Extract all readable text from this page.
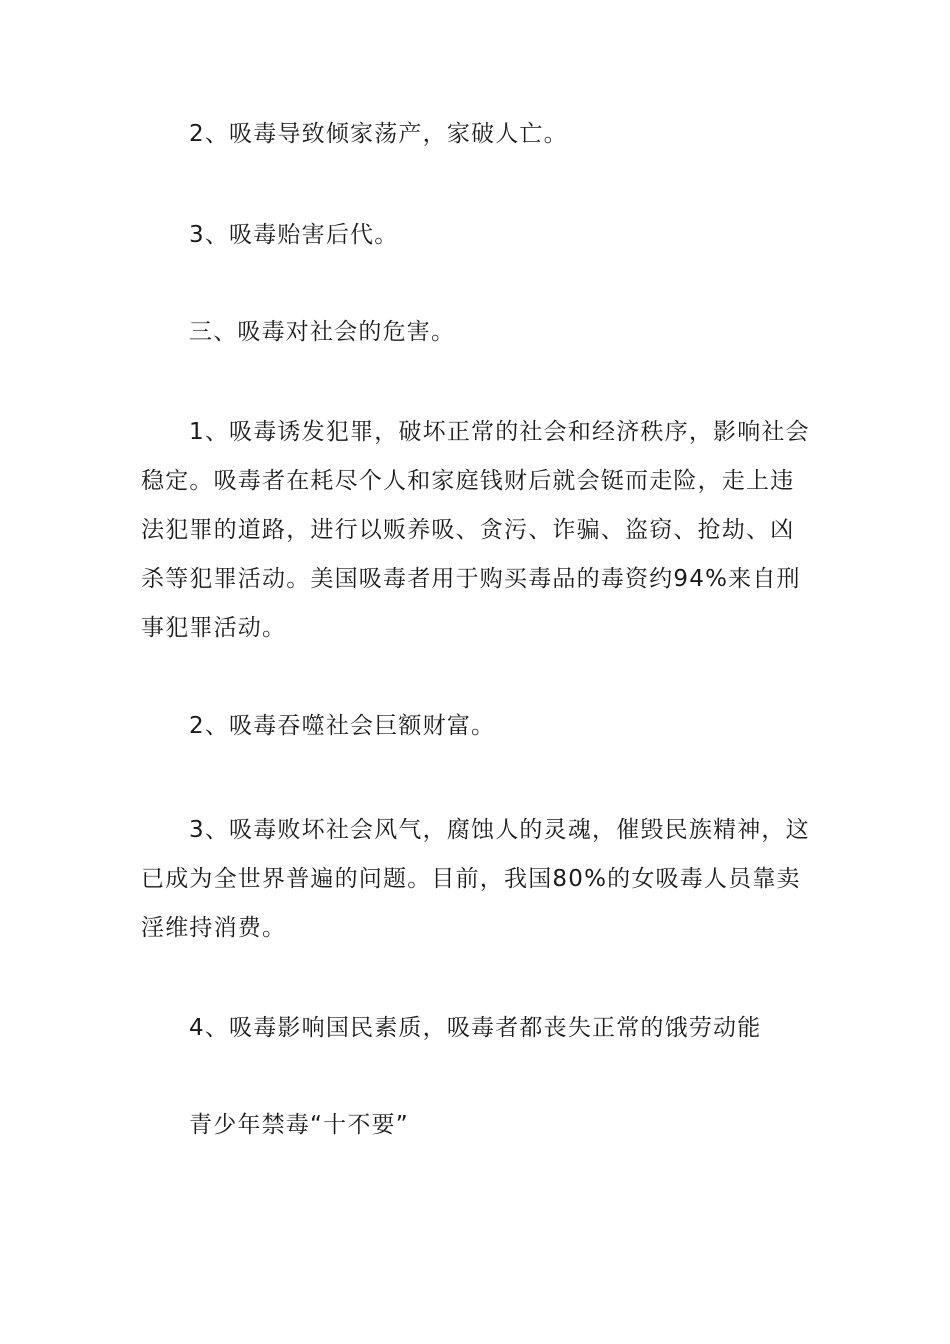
2、吸毒导致倾家荡产，家破人亡。

3、吸毒贻害后代。

三、吸毒对社会的危害。

1、吸毒诱发犯罪，破坏正常的社会和经济秩序，影响社会稳定。吸毒者在耗尽个人和家庭钱财后就会铤而走险，走上违法犯罪的道路，进行以贩养吸、贪污、诈骗、盗窃、抢劫、凶杀等犯罪活动。美国吸毒者用于购买毒品的毒资约94%来自刑事犯罪活动。

2、吸毒吞噬社会巨额财富。

3、吸毒败坏社会风气，腐蚀人的灵魂，催毁民族精神，这已成为全世界普遍的问题。目前，我国80%的女吸毒人员靠卖淫维持消费。

4、吸毒影响国民素质，吸毒者都丧失正常的饿劳动能

青少年禁毒“十不要”
